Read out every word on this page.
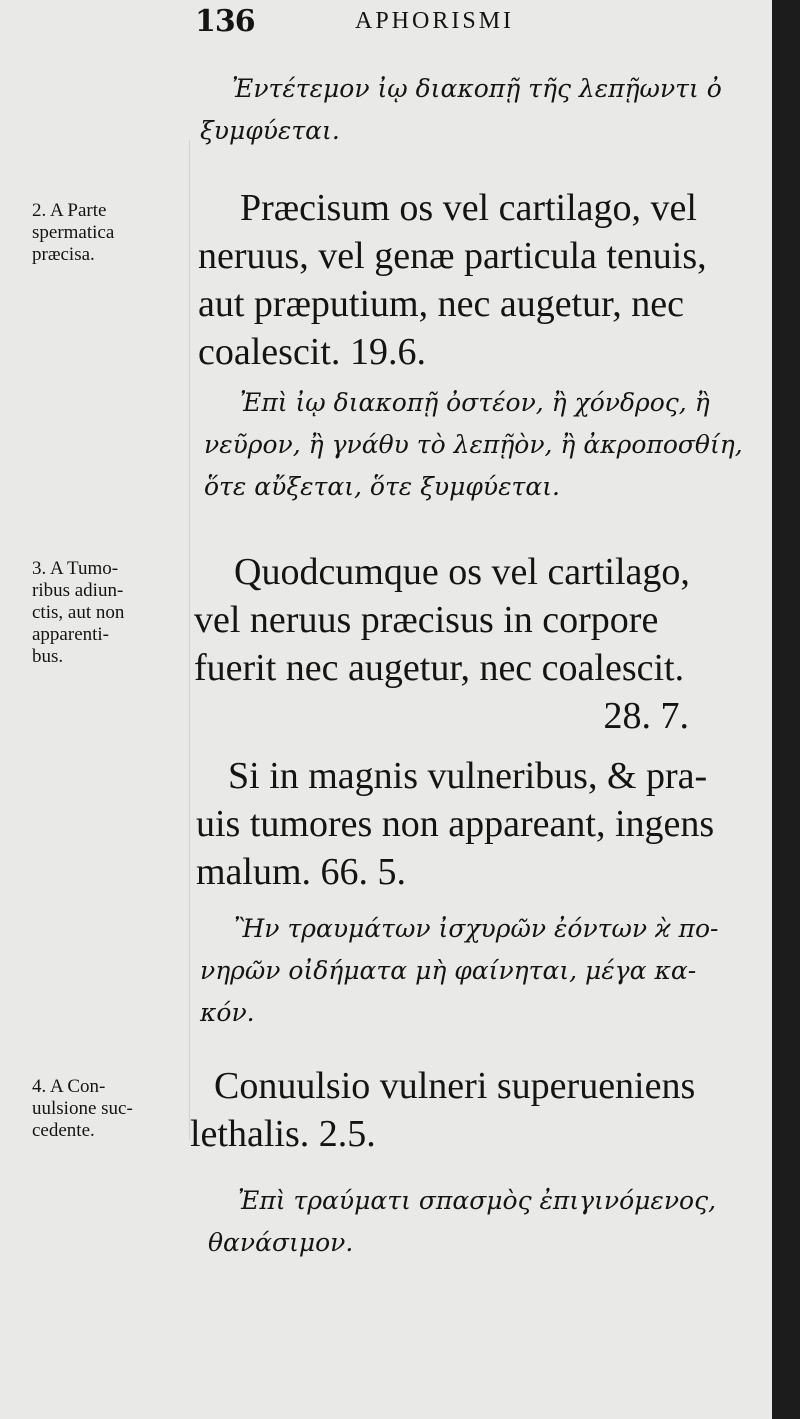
136	APHORISMI
Ἐντέτεμον ἰῳ διακοπῇ τῆς λεπῇωντι ὀ
ξυμφύεται.
2. A Parte
spermatica
præcisa.
Præcisum os vel cartilago, vel
neruus, vel genæ particula tenuis,
aut præputium, nec augetur, nec
coalescit. 19.6.
Ἐπὶ ἰῳ διακοπῇ ὀστέον, ἢ χόνδρος, ἢ
νεῦρον, ἢ γνάθυ τὸ λεπῇὸν, ἢ ἀκροποσθίη,
ὅτε αὔξεται, ὅτε ξυμφύεται.
3. A Tumo-
ribus adiun-
ctis, aut non
apparenti-
bus.
Quodcumque os vel cartilago,
vel neruus præcisus in corpore
fuerit nec augetur, nec coalescit.
28. 7.
Si in magnis vulneribus, & pra-
uis tumores non appareant, ingens
malum. 66. 5.
Ἢν τραυμάτων ἰσχυρῶν ἐόντων ϰ̀ πο-
νηρῶν οἰδήματα μὴ φαίνηται, μέγα κα-
κόν.
4. A Con-
uulsione suc-
cedente.
Conuulsio vulneri superueniens
lethalis. 2.5.
Ἐπὶ τραύματι σπασμὸς ἐπιγινόμενος,
θανάσιμον.
